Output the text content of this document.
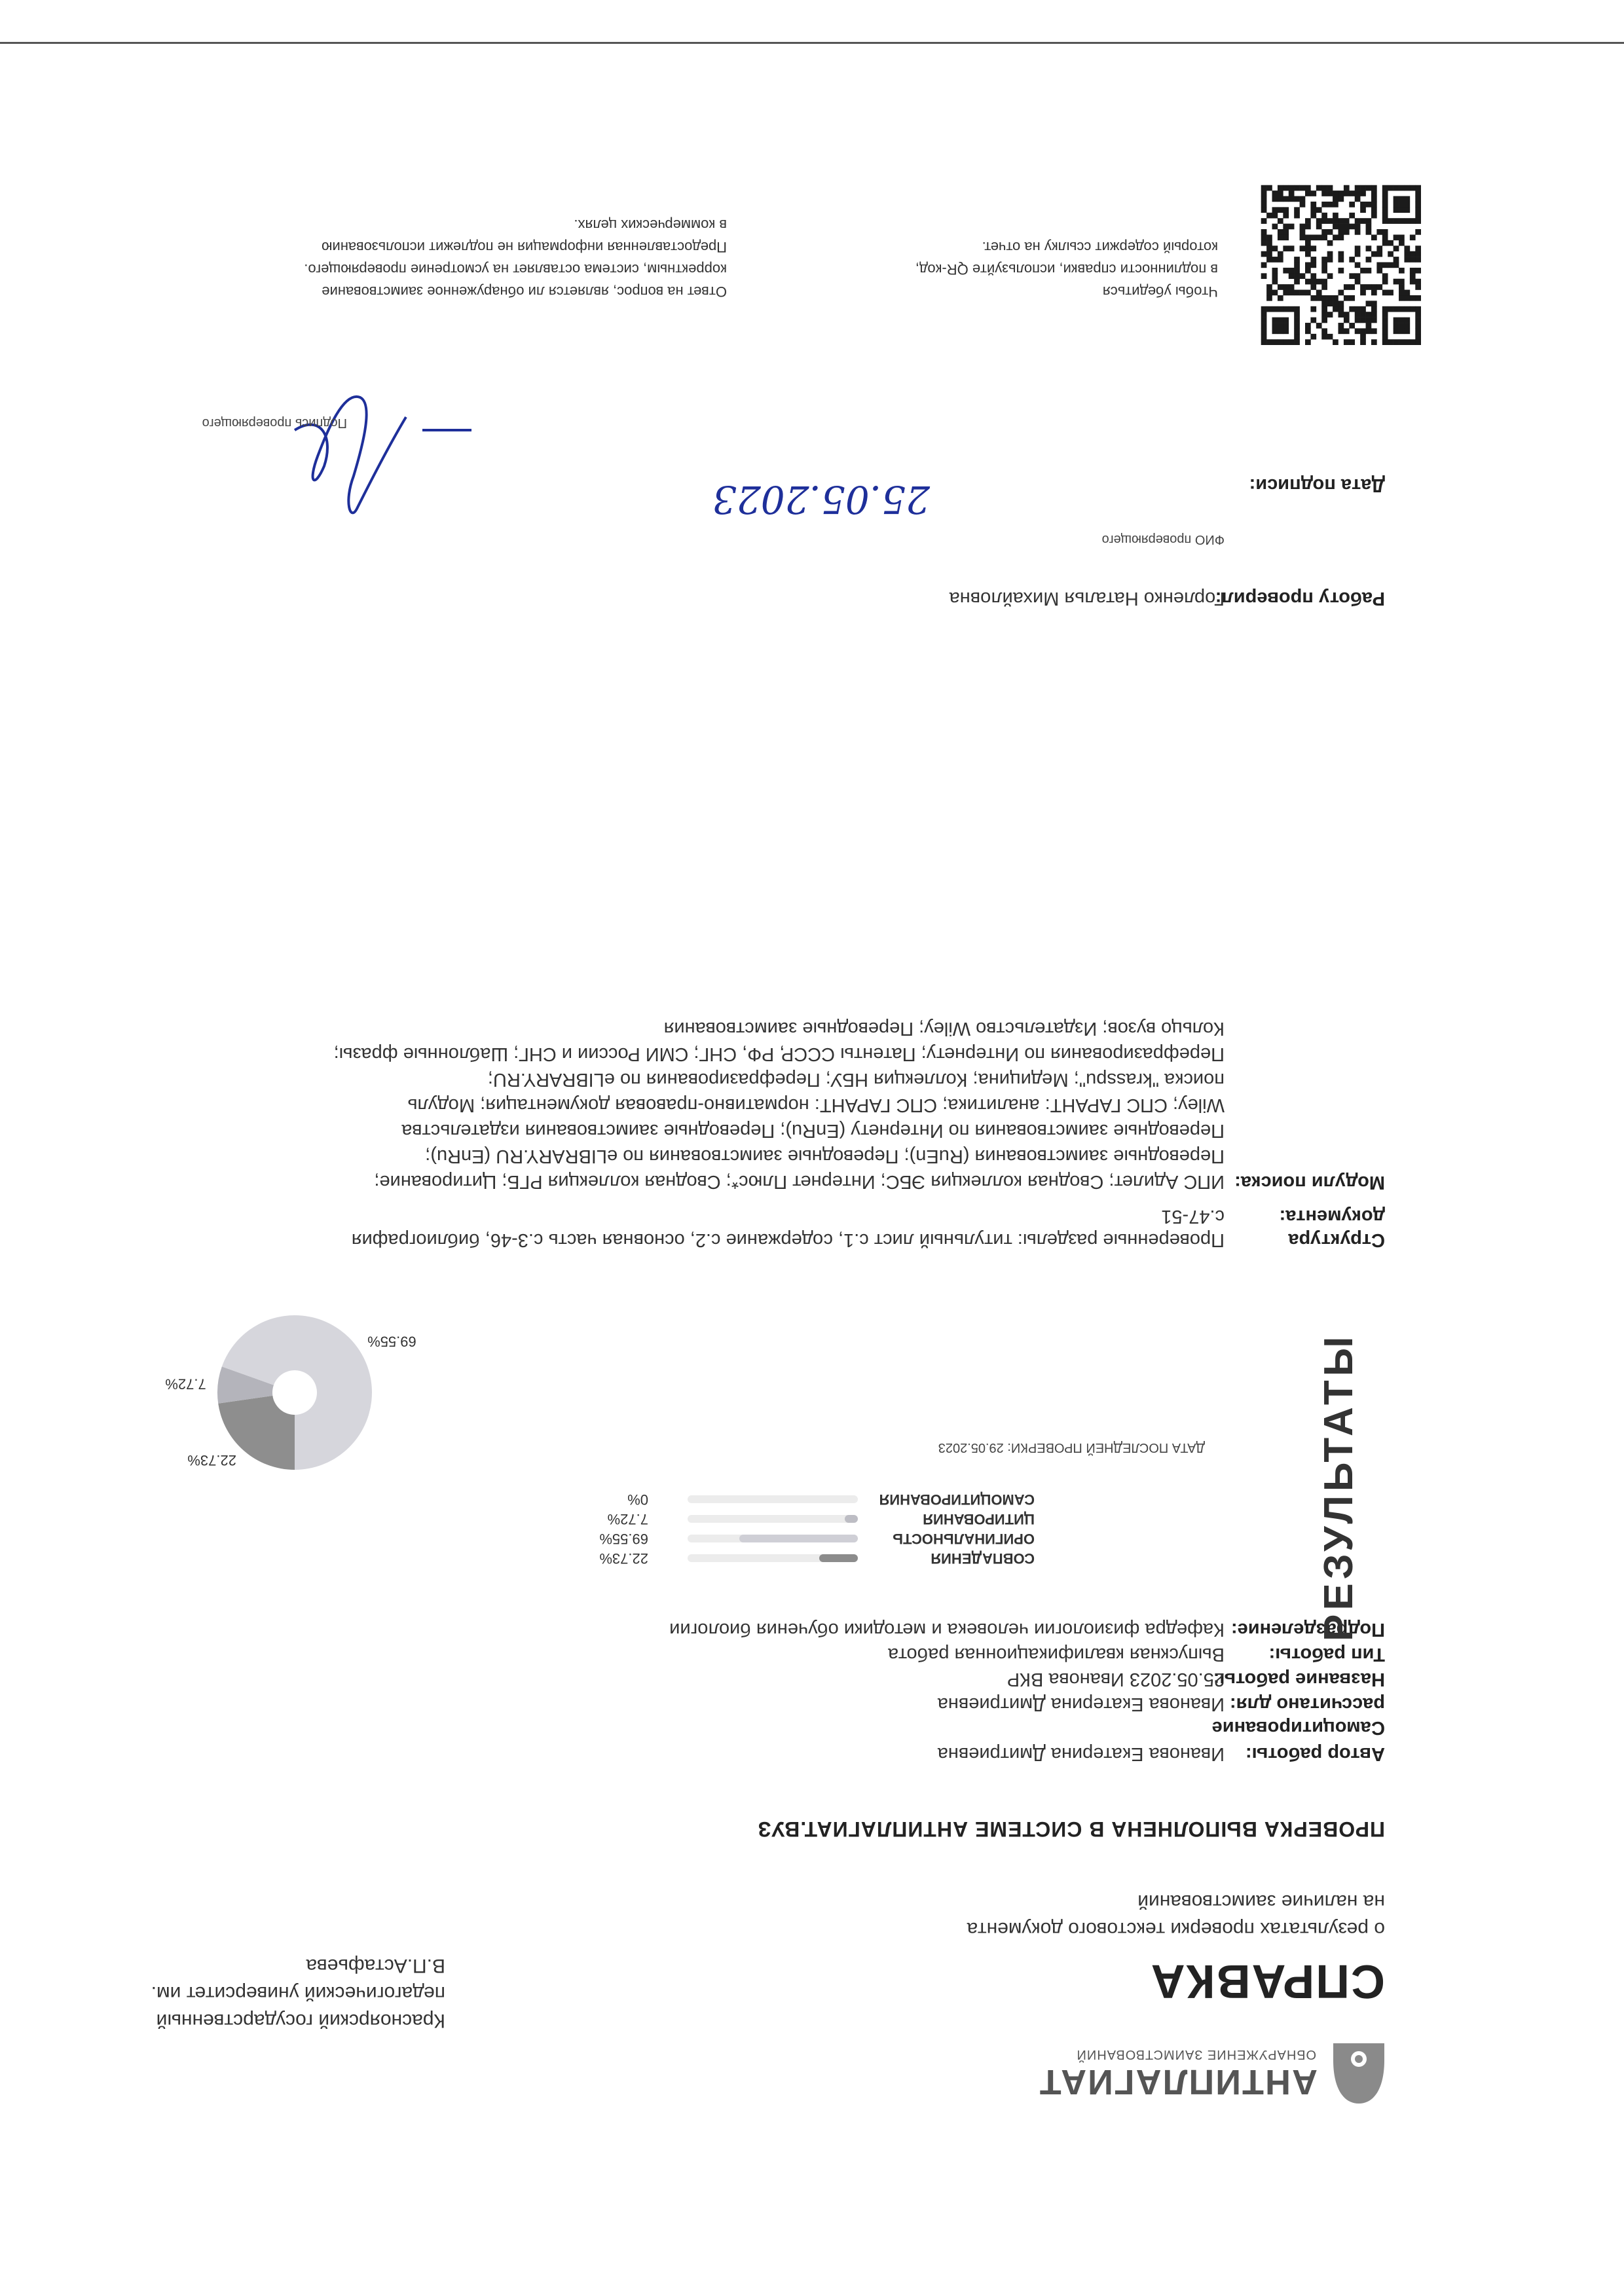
АНТИПЛАГИАТ
ОБНАРУЖЕНИЕ ЗАИМСТВОВАНИЙ
СПРАВКА
о результатах проверки текстового документа
на наличие заимствований
Красноярский государственный
педагогический университет им.
В.П.Астафьева
ПРОВЕРКА ВЫПОЛНЕНА В СИСТЕМЕ АНТИПЛАГИАТ.ВУЗ
Автор работы:
Иванова Екатерина Дмитриевна
Самоцитирование
рассчитано для:
Иванова Екатерина Дмитриевна
Название работы:
25.05.2023 Иванова ВКР
Тип работы:
Выпускная квалификационная работа
Подразделение:
Кафедра физиологии человека и методики обучения биологии РЕЗУЛЬТАТЫ
СОВПАДЕНИЯ
22.73%
ОРИГИНАЛЬНОСТЬ
69.55%
ЦИТИРОВАНИЯ
7.72%
САМОЦИТИРОВАНИЯ
0%
ДАТА ПОСЛЕДНЕЙ ПРОВЕРКИ: 29.05.2023
22.73%
7.72%
69.55%
Структура
документа:
Проверенные разделы: титульный лист с.1, содержание с.2, основная часть с.3-46, библиография
с.47-51
Модули поиска:
ИПС Адилет; Сводная коллекция ЭБС; Интернет Плюс*; Сводная коллекция РГБ; Цитирование;
Переводные заимствования (RuEn); Переводные заимствования по eLIBRARY.RU (EnRu);
Переводные заимствования по Интернету (EnRu); Переводные заимствования издательства
Wiley; СПС ГАРАНТ: аналитика; СПС ГАРАНТ: нормативно-правовая документация; Модуль
поиска "krasspu"; Медицина; Коллекция НБУ; Перефразирования по eLIBRARY.RU;
Перефразирования по Интернету; Патенты СССР, РФ, СНГ; СМИ России и СНГ; Шаблонные фразы;
Кольцо вузов; Издательство Wiley; Переводные заимствования
Работу проверил:
Горленко Наталья Михайловна
ФИО проверяющего
Дата подписи:
25.05.2023
Подпись проверяющего
Чтобы убедиться
в подлинности справки, используйте QR-код,
который содержит ссылку на отчет.
Ответ на вопрос, является ли обнаруженное заимствование
корректным, система оставляет на усмотрение проверяющего.
Предоставленная информация не подлежит использованию
в коммерческих целях.
